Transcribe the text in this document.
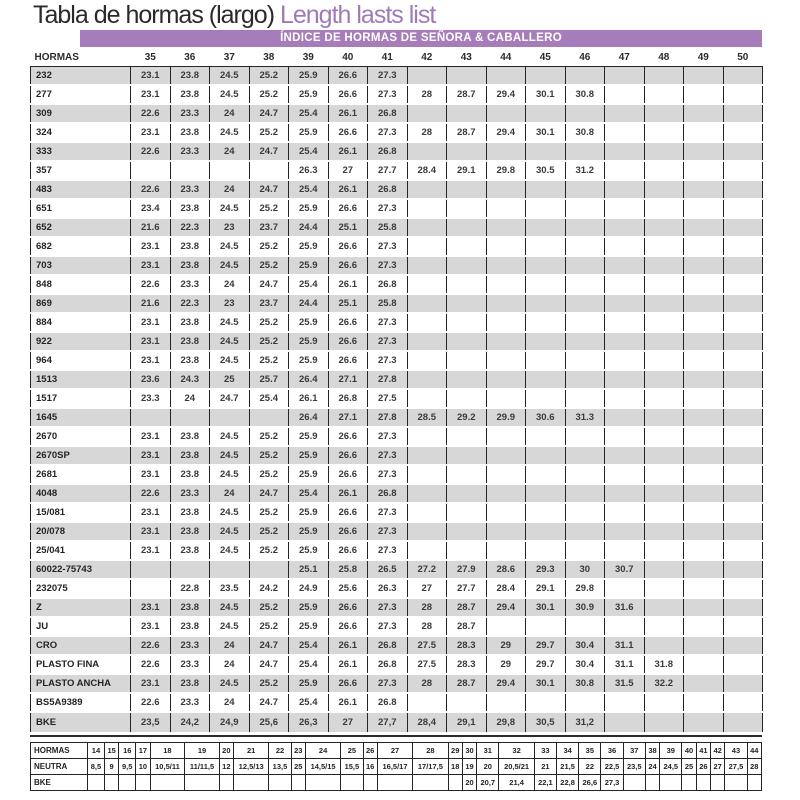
Tabla de hormas (largo) Length lasts list
ÍNDICE DE HORMAS DE SEÑORA & CABALLERO
HORMAS	35	36	37	38	39	40	41	42	43	44	45	46	47	48	49	50
232	23.1	23.8	24.5	25.2	25.9	26.6	27.3									
277	23.1	23.8	24.5	25.2	25.9	26.6	27.3	28	28.7	29.4	30.1	30.8				
309	22.6	23.3	24	24.7	25.4	26.1	26.8									
324	23.1	23.8	24.5	25.2	25.9	26.6	27.3	28	28.7	29.4	30.1	30.8				
333	22.6	23.3	24	24.7	25.4	26.1	26.8									
357					26.3	27	27.7	28.4	29.1	29.8	30.5	31.2				
483	22.6	23.3	24	24.7	25.4	26.1	26.8									
651	23.4	23.8	24.5	25.2	25.9	26.6	27.3									
652	21.6	22.3	23	23.7	24.4	25.1	25.8									
682	23.1	23.8	24.5	25.2	25.9	26.6	27.3									
703	23.1	23.8	24.5	25.2	25.9	26.6	27.3									
848	22.6	23.3	24	24.7	25.4	26.1	26.8									
869	21.6	22.3	23	23.7	24.4	25.1	25.8									
884	23.1	23.8	24.5	25.2	25.9	26.6	27.3									
922	23.1	23.8	24.5	25.2	25.9	26.6	27.3									
964	23.1	23.8	24.5	25.2	25.9	26.6	27.3									
1513	23.6	24.3	25	25.7	26.4	27.1	27.8									
1517	23.3	24	24.7	25.4	26.1	26.8	27.5									
1645					26.4	27.1	27.8	28.5	29.2	29.9	30.6	31.3				
2670	23.1	23.8	24.5	25.2	25.9	26.6	27.3									
2670SP	23.1	23.8	24.5	25.2	25.9	26.6	27.3									
2681	23.1	23.8	24.5	25.2	25.9	26.6	27.3									
4048	22.6	23.3	24	24.7	25.4	26.1	26.8									
15/081	23.1	23.8	24.5	25.2	25.9	26.6	27.3									
20/078	23.1	23.8	24.5	25.2	25.9	26.6	27.3									
25/041	23.1	23.8	24.5	25.2	25.9	26.6	27.3									
60022-75743					25.1	25.8	26.5	27.2	27.9	28.6	29.3	30	30.7			
232075		22.8	23.5	24.2	24.9	25.6	26.3	27	27.7	28.4	29.1	29.8				
Z	23.1	23.8	24.5	25.2	25.9	26.6	27.3	28	28.7	29.4	30.1	30.9	31.6			
JU	23.1	23.8	24.5	25.2	25.9	26.6	27.3	28	28.7							
CRO	22.6	23.3	24	24.7	25.4	26.1	26.8	27.5	28.3	29	29.7	30.4	31.1			
PLASTO FINA	22.6	23.3	24	24.7	25.4	26.1	26.8	27.5	28.3	29	29.7	30.4	31.1	31.8		
PLASTO ANCHA	23.1	23.8	24.5	25.2	25.9	26.6	27.3	28	28.7	29.4	30.1	30.8	31.5	32.2		
BS5A9389	22.6	23.3	24	24.7	25.4	26.1	26.8									
BKE	23,5	24,2	24,9	25,6	26,3	27	27,7	28,4	29,1	29,8	30,5	31,2				
HORMAS	14	15	16	17	18	19	20	21	22	23	24	25	26	27	28	29	30	31	32	33	34	35	36	37	38	39	40	41	42	43	44
NEUTRA	8,5	9	9,5	10	10,5/11	11/11,5	12	12,5/13	13,5	25	14,5/15	15,5	16	16,5/17	17/17,5	18	19	20	20,5/21	21	21,5	22	22,5	23,5	24	24,5	25	26	27	27,5	28
BKE																	20	20,7	21,4	22,1	22,8	26,6	27,3								
